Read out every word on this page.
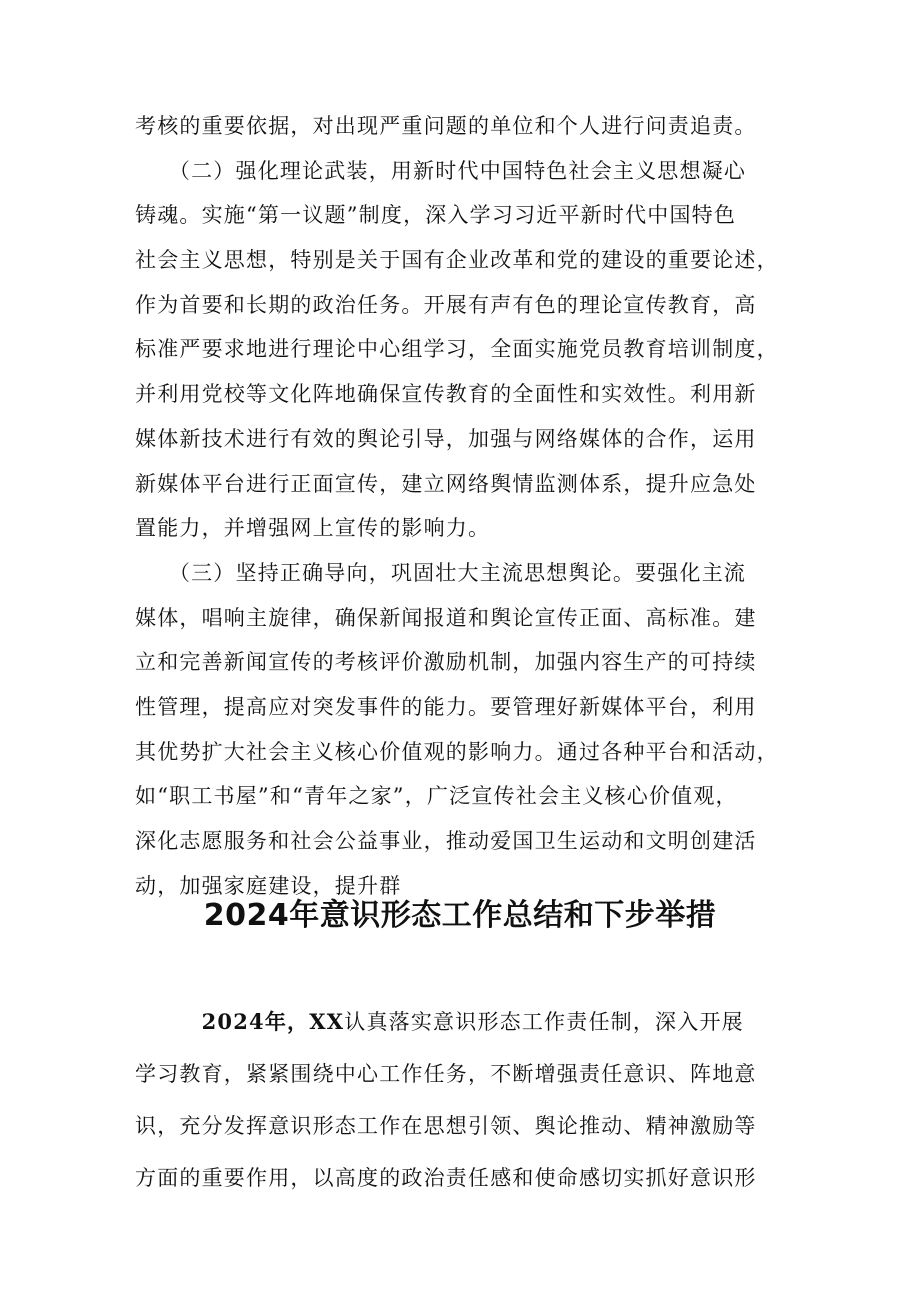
考核的重要依据，对出现严重问题的单位和个人进行问责追责。
　　（二）强化理论武装，用新时代中国特色社会主义思想凝心
铸魂。实施“第一议题”制度，深入学习习近平新时代中国特色
社会主义思想，特别是关于国有企业改革和党的建设的重要论述，
作为首要和长期的政治任务。开展有声有色的理论宣传教育，高
标准严要求地进行理论中心组学习，全面实施党员教育培训制度，
并利用党校等文化阵地确保宣传教育的全面性和实效性。利用新
媒体新技术进行有效的舆论引导，加强与网络媒体的合作，运用
新媒体平台进行正面宣传，建立网络舆情监测体系，提升应急处
置能力，并增强网上宣传的影响力。
　　（三）坚持正确导向，巩固壮大主流思想舆论。要强化主流
媒体，唱响主旋律，确保新闻报道和舆论宣传正面、高标准。建
立和完善新闻宣传的考核评价激励机制，加强内容生产的可持续
性管理，提高应对突发事件的能力。要管理好新媒体平台，利用
其优势扩大社会主义核心价值观的影响力。通过各种平台和活动，
如“职工书屋”和“青年之家”，广泛宣传社会主义核心价值观，
深化志愿服务和社会公益事业，推动爱国卫生运动和文明创建活
动，加强家庭建设，提升群
2024年意识形态工作总结和下步举措
　　　2024年，XX认真落实意识形态工作责任制，深入开展
学习教育，紧紧围绕中心工作任务，不断增强责任意识、阵地意
识，充分发挥意识形态工作在思想引领、舆论推动、精神激励等
方面的重要作用，以高度的政治责任感和使命感切实抓好意识形
